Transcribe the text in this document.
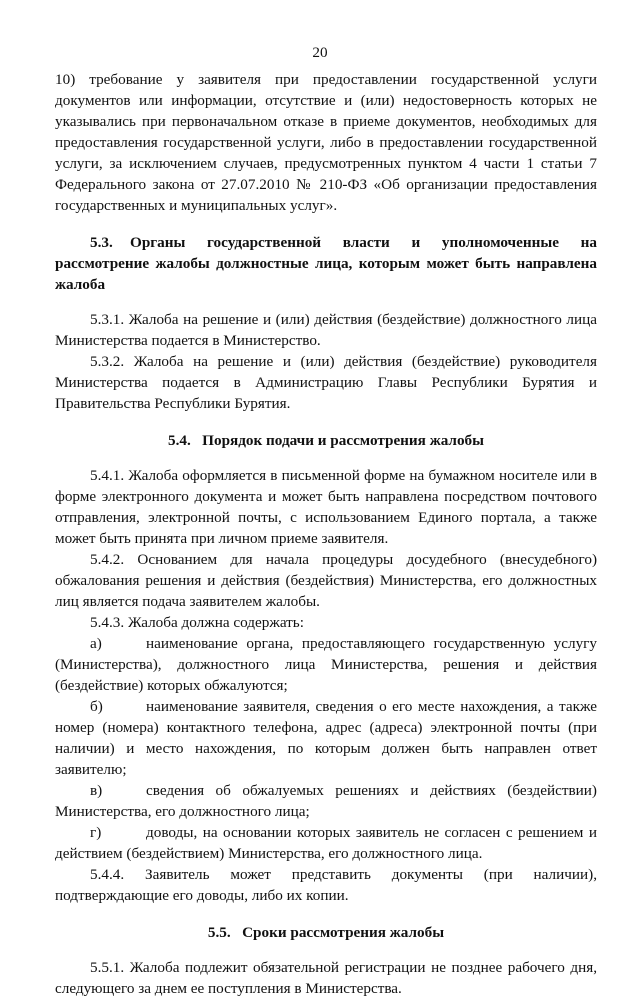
20

10) требование у заявителя при предоставлении государственной услуги документов или информации, отсутствие и (или) недостоверность которых не указывались при первоначальном отказе в приеме документов, необходимых для предоставления государственной услуги, либо в предоставлении государственной услуги, за исключением случаев, предусмотренных пунктом 4 части 1 статьи 7 Федерального закона от 27.07.2010 № 210-ФЗ «Об организации предоставления государственных и муниципальных услуг».

5.3. Органы государственной власти и уполномоченные на рассмотрение жалобы должностные лица, которым может быть направлена жалоба

5.3.1. Жалоба на решение и (или) действия (бездействие) должностного лица Министерства подается в Министерство.

5.3.2. Жалоба на решение и (или) действия (бездействие) руководителя Министерства подается в Администрацию Главы Республики Бурятия и Правительства Республики Бурятия.

5.4. Порядок подачи и рассмотрения жалобы

5.4.1. Жалоба оформляется в письменной форме на бумажном носителе или в форме электронного документа и может быть направлена посредством почтового отправления, электронной почты, с использованием Единого портала, а также может быть принята при личном приеме заявителя.

5.4.2. Основанием для начала процедуры досудебного (внесудебного) обжалования решения и действия (бездействия) Министерства, его должностных лиц является подача заявителем жалобы.

5.4.3. Жалоба должна содержать:

а)	наименование органа, предоставляющего государственную услугу (Министерства), должностного лица Министерства, решения и действия (бездействие) которых обжалуются;

б)	наименование заявителя, сведения о его месте нахождения, а также номер (номера) контактного телефона, адрес (адреса) электронной почты (при наличии) и место нахождения, по которым должен быть направлен ответ заявителю;

в)	сведения об обжалуемых решениях и действиях (бездействии) Министерства, его должностного лица;

г)	доводы, на основании которых заявитель не согласен с решением и действием (бездействием) Министерства, его должностного лица.

5.4.4. Заявитель может представить документы (при наличии), подтверждающие его доводы, либо их копии.

5.5. Сроки рассмотрения жалобы

5.5.1. Жалоба подлежит обязательной регистрации не позднее рабочего дня, следующего за днем ее поступления в Министерства.
